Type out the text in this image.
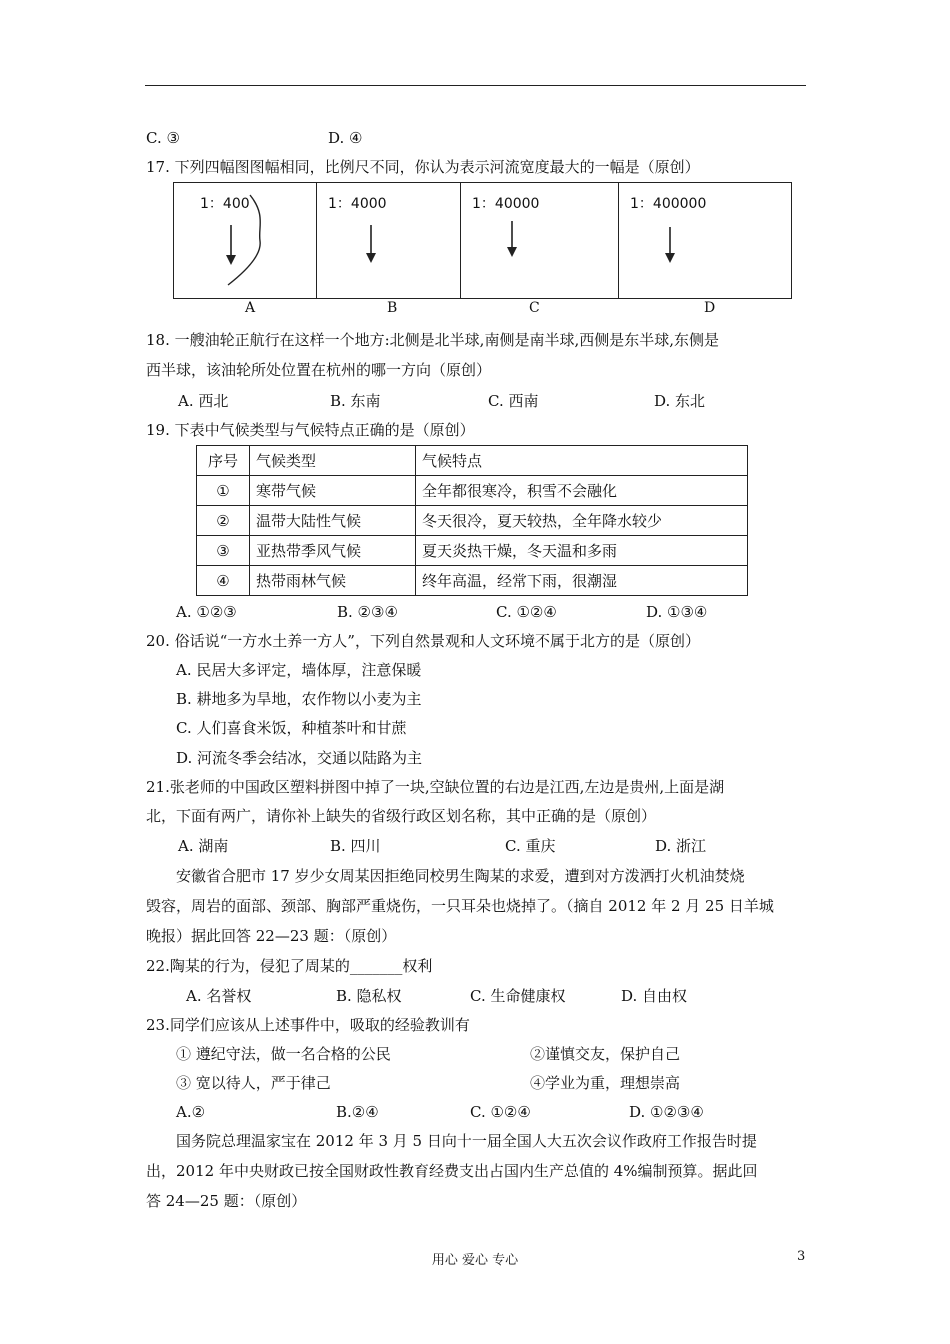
C. ③	D. ④
17. 下列四幅图图幅相同，比例尺不同，你认为表示河流宽度最大的一幅是（原创）
1：400	1：4000	1：40000	1：400000
A	B	C	D
18. 一艘油轮正航行在这样一个地方:北侧是北半球,南侧是南半球,西侧是东半球,东侧是
西半球，该油轮所处位置在杭州的哪一方向（原创）
A. 西北	B. 东南	C. 西南	D. 东北
19. 下表中气候类型与气候特点正确的是（原创）
序号	气候类型	气候特点
①	寒带气候	全年都很寒冷，积雪不会融化
②	温带大陆性气候	冬天很冷，夏天较热，全年降水较少
③	亚热带季风气候	夏天炎热干燥，冬天温和多雨
④	热带雨林气候	终年高温，经常下雨，很潮湿
A. ①②③	B. ②③④	C. ①②④	D. ①③④
20. 俗话说“一方水土养一方人”，下列自然景观和人文环境不属于北方的是（原创）
A. 民居大多评定，墙体厚，注意保暖
B. 耕地多为旱地，农作物以小麦为主
C. 人们喜食米饭，种植茶叶和甘蔗
D. 河流冬季会结冰，交通以陆路为主
21.张老师的中国政区塑料拼图中掉了一块,空缺位置的右边是江西,左边是贵州,上面是湖
北，下面有两广，请你补上缺失的省级行政区划名称，其中正确的是（原创）
A. 湖南	B. 四川	C. 重庆	D. 浙江
安徽省合肥市 17 岁少女周某因拒绝同校男生陶某的求爱，遭到对方泼洒打火机油焚烧
毁容，周岩的面部、颈部、胸部严重烧伤，一只耳朵也烧掉了。（摘自 2012 年 2 月 25 日羊城
晚报）据此回答 22—23 题：（原创）
22.陶某的行为，侵犯了周某的_______权利
A. 名誉权	B. 隐私权	C. 生命健康权	D. 自由权
23.同学们应该从上述事件中，吸取的经验教训有
① 遵纪守法，做一名合格的公民	②谨慎交友，保护自己
③ 宽以待人，严于律己	④学业为重，理想崇高
A.②	B.②④	C. ①②④	D. ①②③④
国务院总理温家宝在 2012 年 3 月 5 日向十一届全国人大五次会议作政府工作报告时提
出，2012 年中央财政已按全国财政性教育经费支出占国内生产总值的 4%编制预算。据此回
答 24—25 题：（原创）
用心 爱心 专心	3
